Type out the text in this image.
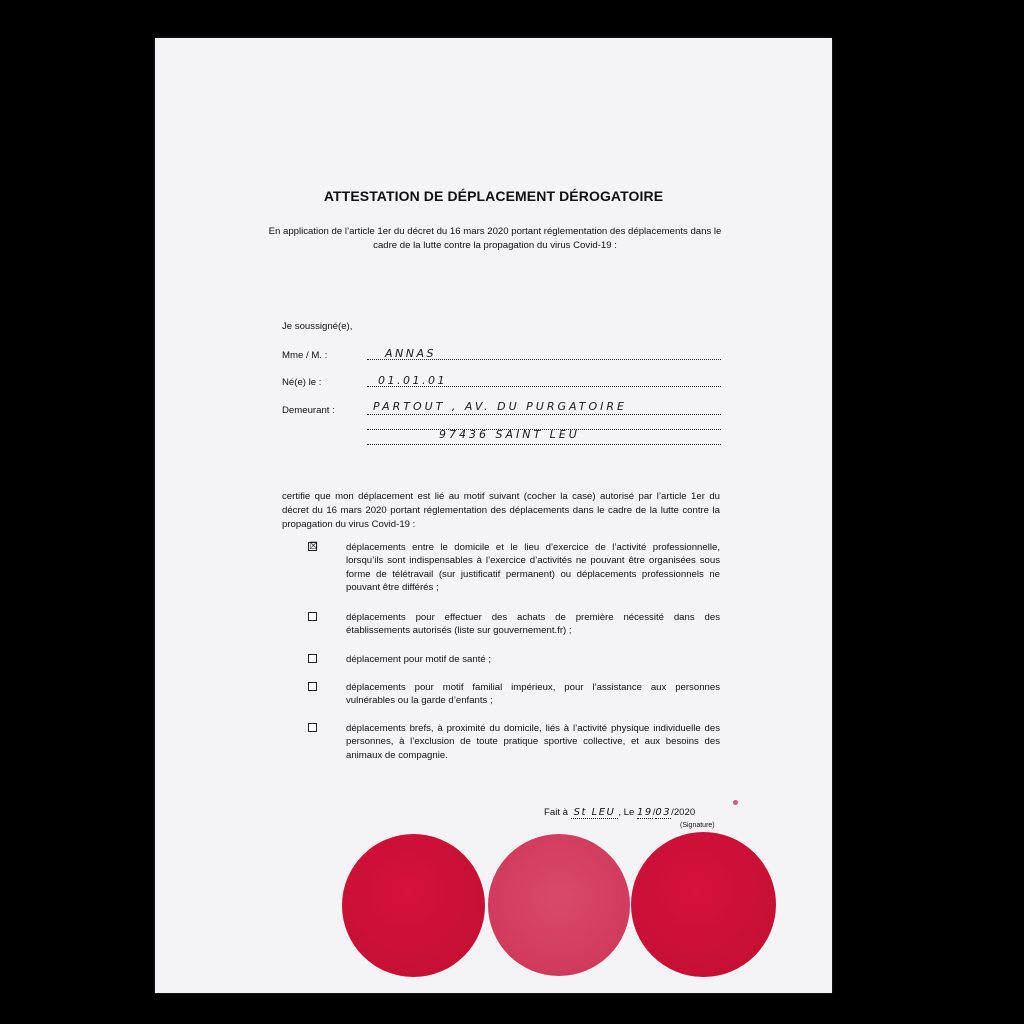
ATTESTATION DE DÉPLACEMENT DÉROGATOIRE
En application de l’article 1er du décret du 16 mars 2020 portant réglementation des déplacements dans le cadre de la lutte contre la propagation du virus Covid-19 :
Je soussigné(e),
Mme / M. :	ANNAS
Né(e) le :	01.01.01
Demeurant :	PARTOUT , AV. DU PURGATOIRE
97436 SAINT LEU
certifie que mon déplacement est lié au motif suivant (cocher la case) autorisé par l’article 1er du décret du 16 mars 2020 portant réglementation des déplacements dans le cadre de la lutte contre la propagation du virus Covid-19 :
☒	déplacements entre le domicile et le lieu d’exercice de l’activité professionnelle, lorsqu’ils sont indispensables à l’exercice d’activités ne pouvant être organisées sous forme de télétravail (sur justificatif permanent) ou déplacements professionnels ne pouvant être différés ;
déplacements pour effectuer des achats de première nécessité dans des établissements autorisés (liste sur gouvernement.fr) ;
déplacement pour motif de santé ;
déplacements pour motif familial impérieux, pour l’assistance aux personnes vulnérables ou la garde d’enfants ;
déplacements brefs, à proximité du domicile, liés à l’activité physique individuelle des personnes, à l’exclusion de toute pratique sportive collective, et aux besoins des animaux de compagnie.
Fait à St LEU , Le 19/03/2020
(Signature)
